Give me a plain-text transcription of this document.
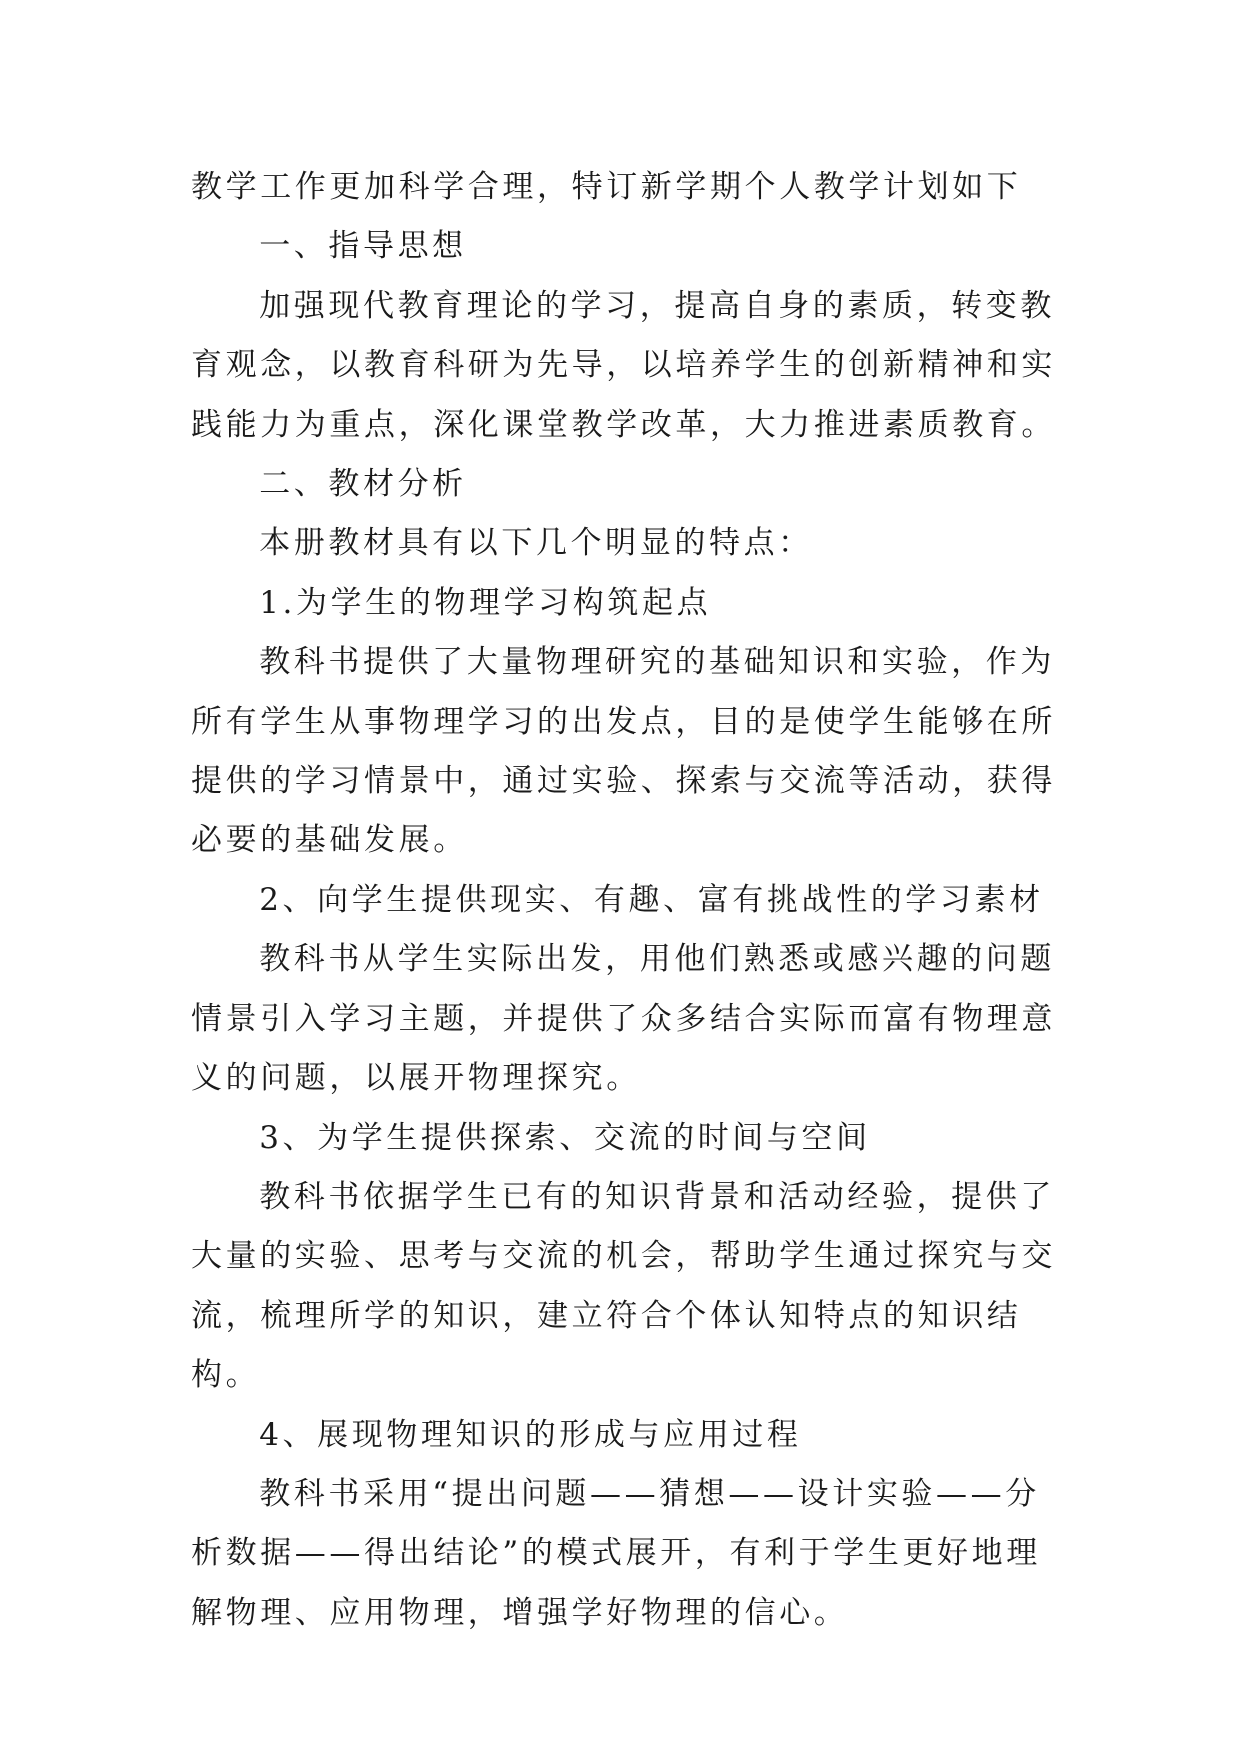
教学工作更加科学合理，特订新学期个人教学计划如下

一、指导思想

加强现代教育理论的学习，提高自身的素质，转变教育观念，以教育科研为先导，以培养学生的创新精神和实践能力为重点，深化课堂教学改革，大力推进素质教育。

二、教材分析

本册教材具有以下几个明显的特点：

1.为学生的物理学习构筑起点

教科书提供了大量物理研究的基础知识和实验，作为所有学生从事物理学习的出发点，目的是使学生能够在所提供的学习情景中，通过实验、探索与交流等活动，获得必要的基础发展。

2、向学生提供现实、有趣、富有挑战性的学习素材

教科书从学生实际出发，用他们熟悉或感兴趣的问题情景引入学习主题，并提供了众多结合实际而富有物理意义的问题，以展开物理探究。

3、为学生提供探索、交流的时间与空间

教科书依据学生已有的知识背景和活动经验，提供了大量的实验、思考与交流的机会，帮助学生通过探究与交流，梳理所学的知识，建立符合个体认知特点的知识结构。

4、展现物理知识的形成与应用过程

教科书采用“提出问题——猜想——设计实验——分析数据——得出结论”的模式展开，有利于学生更好地理解物理、应用物理，增强学好物理的信心。
